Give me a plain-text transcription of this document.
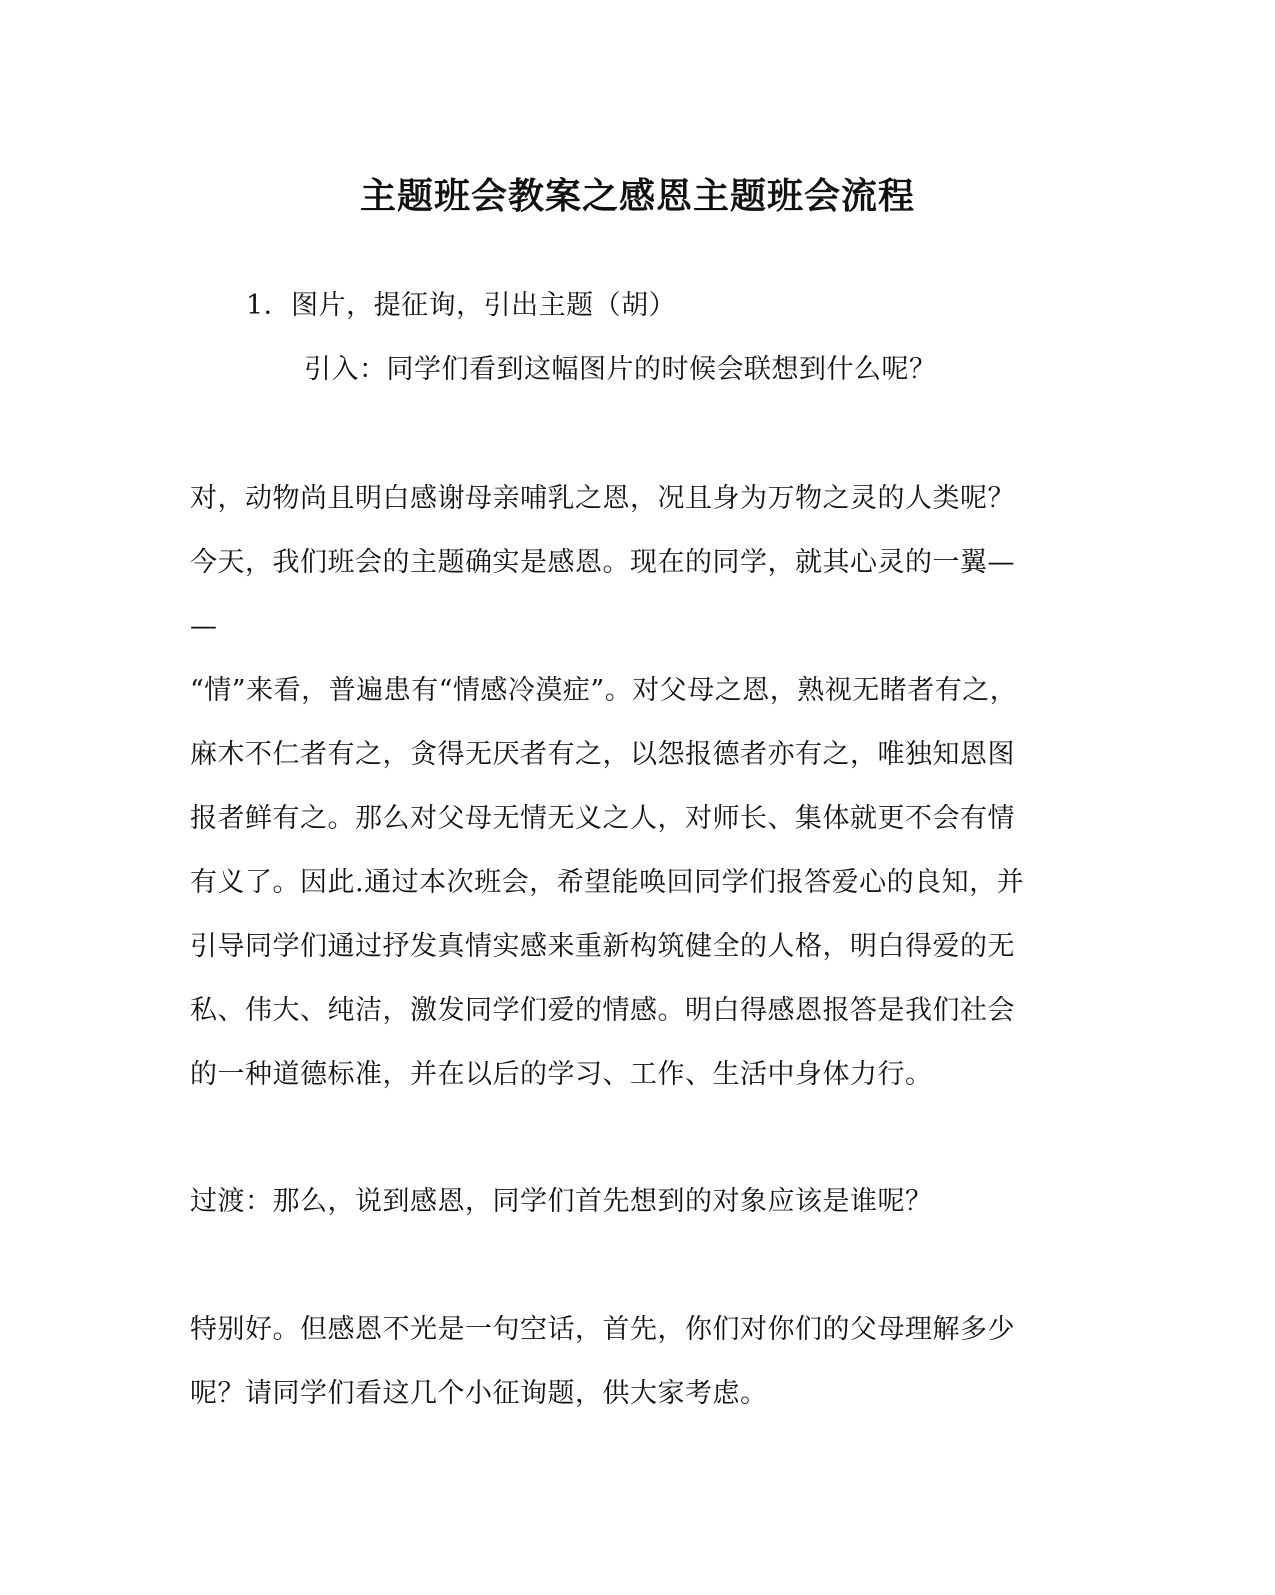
主题班会教案之感恩主题班会流程
1．图片，提征询，引出主题（胡）
引入：同学们看到这幅图片的时候会联想到什么呢？
对，动物尚且明白感谢母亲哺乳之恩，况且身为万物之灵的人类呢？
今天，我们班会的主题确实是感恩。现在的同学，就其心灵的一翼—
—
“情”来看，普遍患有“情感冷漠症”。对父母之恩，熟视无睹者有之，
麻木不仁者有之，贪得无厌者有之，以怨报德者亦有之，唯独知恩图
报者鲜有之。那么对父母无情无义之人，对师长、集体就更不会有情
有义了。因此.通过本次班会，希望能唤回同学们报答爱心的良知，并
引导同学们通过抒发真情实感来重新构筑健全的人格，明白得爱的无
私、伟大、纯洁，激发同学们爱的情感。明白得感恩报答是我们社会
的一种道德标准，并在以后的学习、工作、生活中身体力行。
过渡：那么，说到感恩，同学们首先想到的对象应该是谁呢？
特别好。但感恩不光是一句空话，首先，你们对你们的父母理解多少
呢？请同学们看这几个小征询题，供大家考虑。
